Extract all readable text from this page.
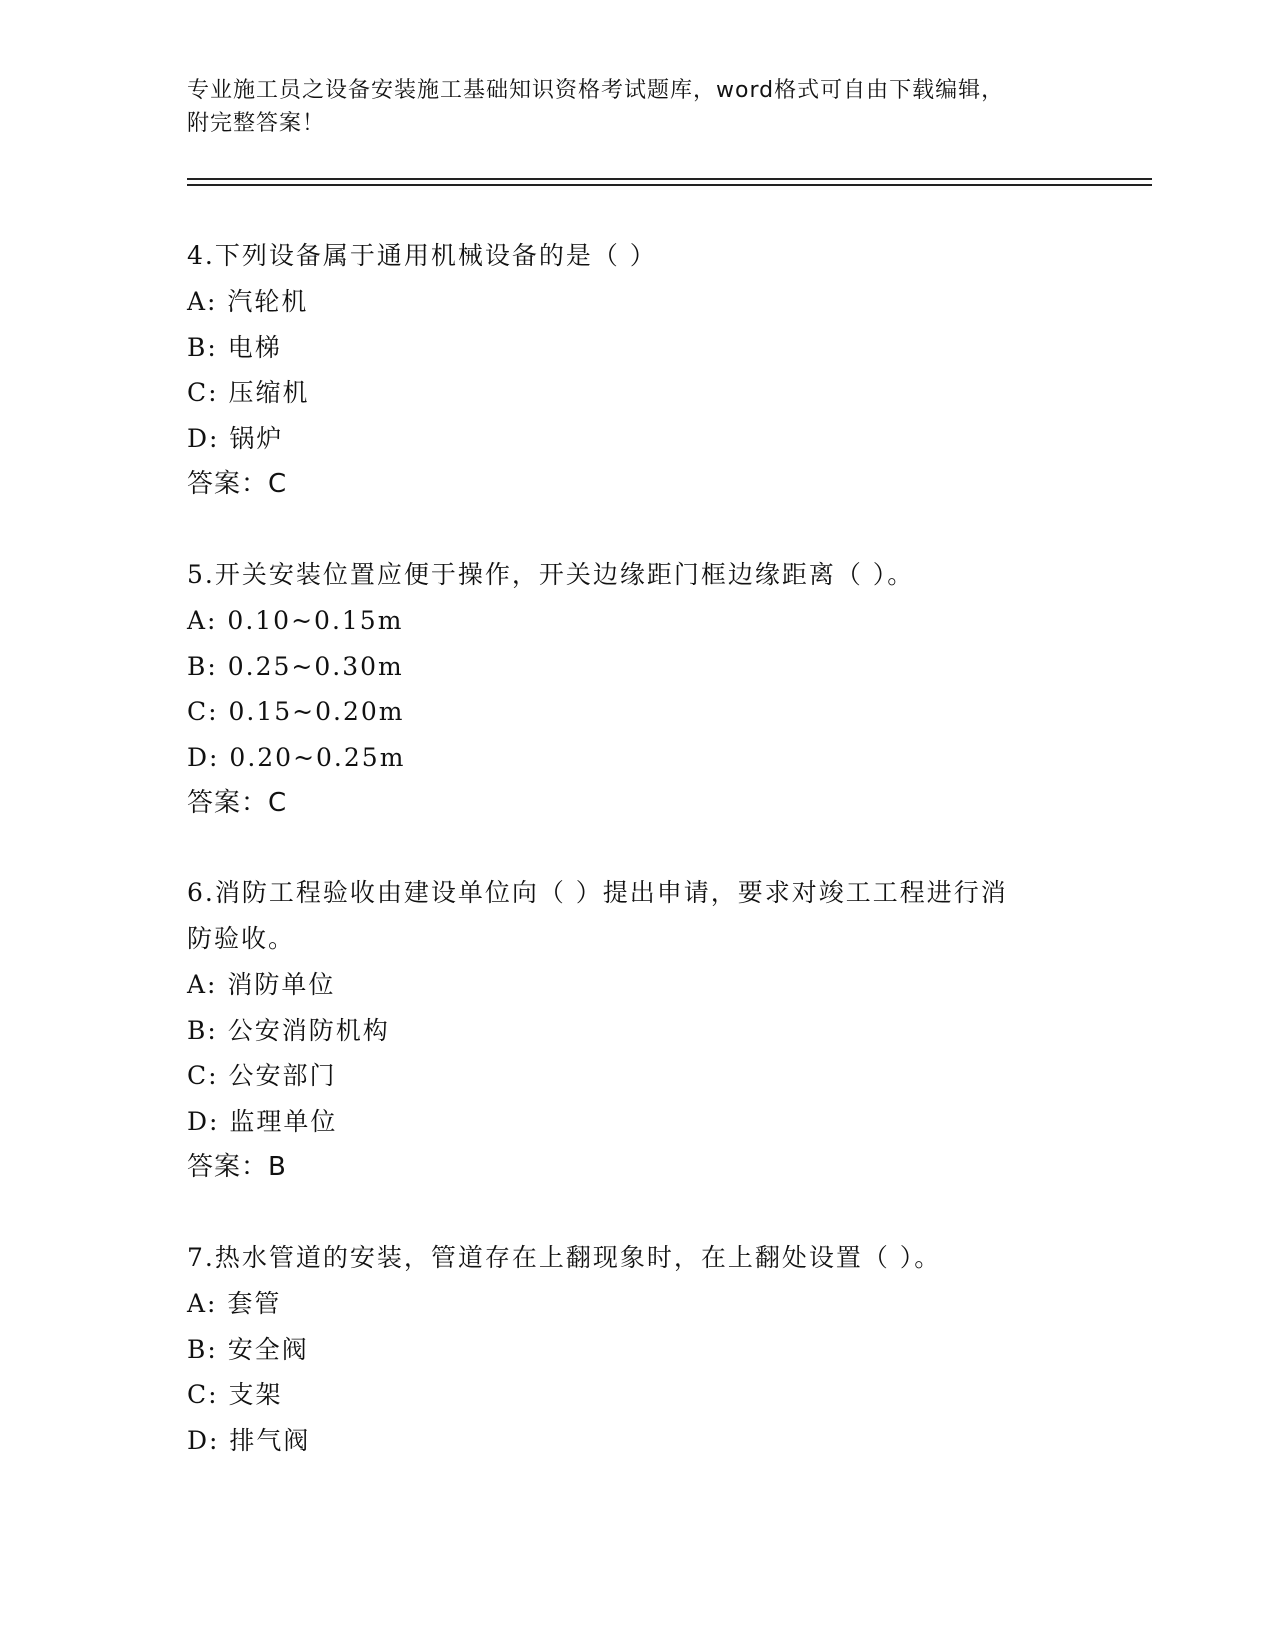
专业施工员之设备安装施工基础知识资格考试题库，word格式可自由下载编辑，
附完整答案！
4.下列设备属于通用机械设备的是（ ）
A: 汽轮机
B: 电梯
C: 压缩机
D: 锅炉
答案：C
5.开关安装位置应便于操作，开关边缘距门框边缘距离（ ）。
A: 0.10~0.15m
B: 0.25~0.30m
C: 0.15~0.20m
D: 0.20~0.25m
答案：C
6.消防工程验收由建设单位向（ ）提出申请，要求对竣工工程进行消
防验收。
A: 消防单位
B: 公安消防机构
C: 公安部门
D: 监理单位
答案：B
7.热水管道的安装，管道存在上翻现象时，在上翻处设置（ ）。
A: 套管
B: 安全阀
C: 支架
D: 排气阀
